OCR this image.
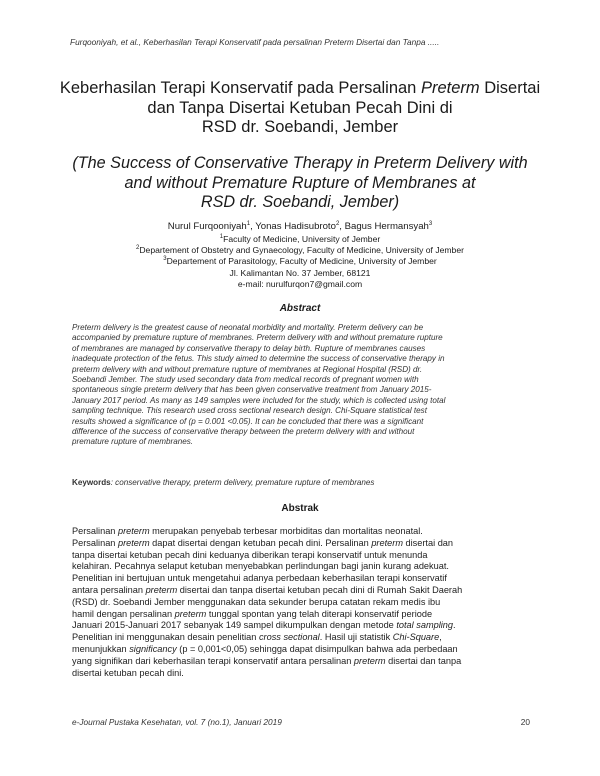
Furqooniyah, et al., Keberhasilan Terapi Konservatif pada persalinan Preterm Disertai dan Tanpa .....
Keberhasilan Terapi Konservatif pada Persalinan Preterm Disertai
dan Tanpa Disertai Ketuban Pecah Dini di
RSD dr. Soebandi, Jember
(The Success of Conservative Therapy in Preterm Delivery with
and without Premature Rupture of Membranes at
RSD dr. Soebandi, Jember)
Nurul Furqooniyah$^1$, Yonas Hadisubroto$^2$, Bagus Hermansyah$^3$
$^1$Faculty of Medicine, University of Jember
$^2$Departement of Obstetry and Gynaecology, Faculty of Medicine, University of Jember
$^3$Departement of Parasitology, Faculty of Medicine, University of Jember
Jl. Kalimantan No. 37 Jember, 68121
e-mail: nurulfurqon7@gmail.com
Abstract
Preterm delivery is the greatest cause of neonatal morbidity and mortality. Preterm delivery can be
accompanied by premature rupture of membranes. Preterm delivery with and without premature rupture
of membranes are managed by conservative therapy to delay birth. Rupture of membranes causes
inadequate protection of the fetus. This study aimed to determine the success of conservative therapy in
preterm delivery with and without premature rupture of membranes at Regional Hospital (RSD) dr.
Soebandi Jember. The study used secondary data from medical records of pregnant women with
spontaneous single preterm delivery that has been given conservative treatment from January 2015-
January 2017 period. As many as 149 samples were included for the study, which is collected using total
sampling technique. This research used cross sectional research design. Chi-Square statistical test
results showed a significance of (p = 0.001 <0.05). It can be concluded that there was a significant
difference of the success of conservative therapy between the preterm delivery with and without
premature rupture of membranes.
Keywords: conservative therapy, preterm delivery, premature rupture of membranes
Abstrak
Persalinan preterm merupakan penyebab terbesar morbiditas dan mortalitas neonatal.
Persalinan preterm dapat disertai dengan ketuban pecah dini. Persalinan preterm disertai dan
tanpa disertai ketuban pecah dini keduanya diberikan terapi konservatif untuk menunda
kelahiran. Pecahnya selaput ketuban menyebabkan perlindungan bagi janin kurang adekuat.
Penelitian ini bertujuan untuk mengetahui adanya perbedaan keberhasilan terapi konservatif
antara persalinan preterm disertai dan tanpa disertai ketuban pecah dini di Rumah Sakit Daerah
(RSD) dr. Soebandi Jember menggunakan data sekunder berupa catatan rekam medis ibu
hamil dengan persalinan preterm tunggal spontan yang telah diterapi konservatif periode
Januari 2015-Januari 2017 sebanyak 149 sampel dikumpulkan dengan metode total sampling.
Penelitian ini menggunakan desain penelitian cross sectional. Hasil uji statistik Chi-Square,
menunjukkan significancy (p = 0,001<0,05) sehingga dapat disimpulkan bahwa ada perbedaan
yang signifikan dari keberhasilan terapi konservatif antara persalinan preterm disertai dan tanpa
disertai ketuban pecah dini.
e-Journal Pustaka Kesehatan, vol. 7 (no.1), Januari 2019	20
